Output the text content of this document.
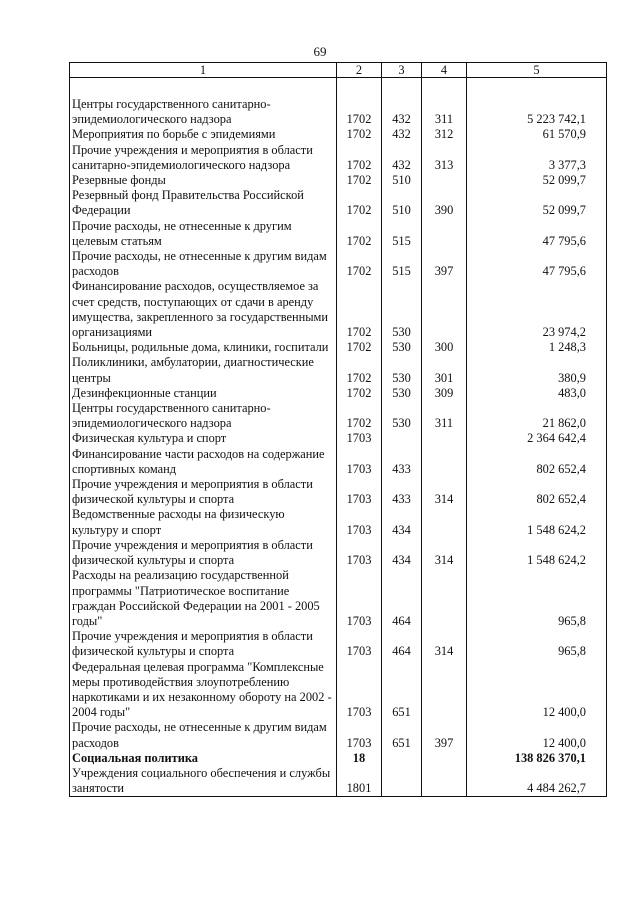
69
1	2	3	4	5

Центры государственного санитарно-эпидемиологического надзора	1702	432	311	5 223 742,1
Мероприятия по борьбе с эпидемиями	1702	432	312	61 570,9
Прочие учреждения и мероприятия в области санитарно-эпидемиологического надзора	1702	432	313	3 377,3
Резервные фонды	1702	510		52 099,7
Резервный фонд Правительства Российской Федерации	1702	510	390	52 099,7
Прочие расходы, не отнесенные к другим целевым статьям	1702	515		47 795,6
Прочие расходы, не отнесенные к другим видам расходов	1702	515	397	47 795,6
Финансирование расходов, осуществляемое за счет средств, поступающих от сдачи в аренду имущества, закрепленного за государственными организациями	1702	530		23 974,2
Больницы, родильные дома, клиники, госпитали	1702	530	300	1 248,3
Поликлиники, амбулатории, диагностические центры	1702	530	301	380,9
Дезинфекционные станции	1702	530	309	483,0
Центры государственного санитарно-эпидемиологического надзора	1702	530	311	21 862,0
Физическая культура и спорт	1703			2 364 642,4
Финансирование части расходов на содержание спортивных команд	1703	433		802 652,4
Прочие учреждения и мероприятия в области физической культуры и спорта	1703	433	314	802 652,4
Ведомственные расходы на физическую культуру и спорт	1703	434		1 548 624,2
Прочие учреждения и мероприятия в области физической культуры и спорта	1703	434	314	1 548 624,2
Расходы на реализацию государственной программы "Патриотическое воспитание граждан Российской Федерации на 2001 - 2005 годы"	1703	464		965,8
Прочие учреждения и мероприятия в области физической культуры и спорта	1703	464	314	965,8
Федеральная целевая программа "Комплексные меры противодействия злоупотреблению наркотиками и их незаконному обороту на 2002 - 2004 годы"	1703	651		12 400,0
Прочие расходы, не отнесенные к другим видам расходов	1703	651	397	12 400,0
Социальная политика	18			138 826 370,1
Учреждения социального обеспечения и службы занятости	1801			4 484 262,7
